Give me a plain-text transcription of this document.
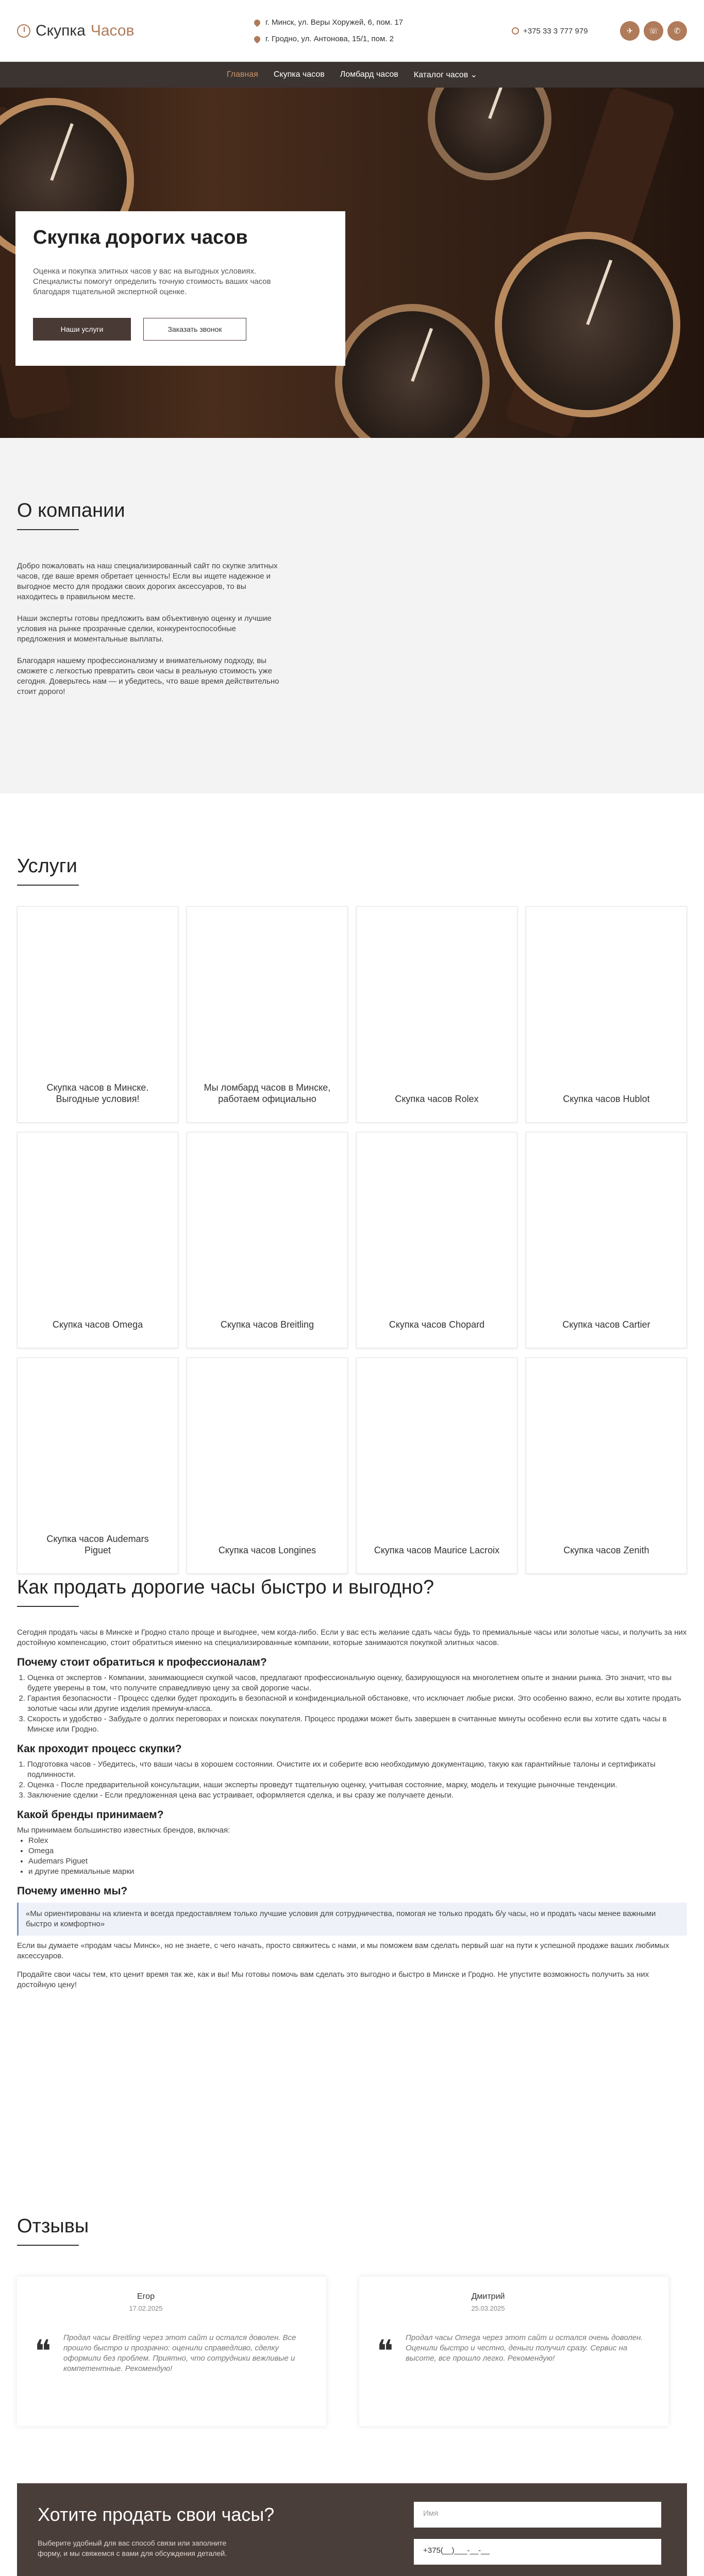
Скупка Часов	г. Минск, ул. Веры Хоружей, 6, пом. 17
г. Гродно, ул. Антонова, 15/1, пом. 2
+375 33 3 777 979	✈	☏	✆
Главная Скупка часов Ломбард часов Каталог часов ⌄
Скупка дорогих часов

Оценка и покупка элитных часов у вас на выгодных условиях. Специалисты помогут определить точную стоимость ваших часов благодаря тщательной экспертной оценке.

Наши услуги	Заказать звонок
О компании

Добро пожаловать на наш специализированный сайт по скупке элитных часов, где ваше время обретает ценность! Если вы ищете надежное и выгодное место для продажи своих дорогих аксессуаров, то вы находитесь в правильном месте.

Наши эксперты готовы предложить вам объективную оценку и лучшие условия на рынке прозрачные сделки, конкурентоспособные предложения и моментальные выплаты.

Благодаря нашему профессионализму и внимательному подходу, вы сможете с легкостью превратить свои часы в реальную стоимость уже сегодня. Доверьтесь нам — и убедитесь, что ваше время действительно стоит дорого!

Услуги
Скупка часов в Минске. Выгодные условия!
Мы ломбард часов в Минске, работаем официально	Скупка часов Rolex	Скупка часов Hublot
Скупка часов Omega	Скупка часов Breitling	Скупка часов Chopard	Скупка часов Cartier
Скупка часов Audemars Piguet	Скупка часов Longines	Скупка часов Maurice Lacroix	Скупка часов Zenith
Как продать дорогие часы быстро и выгодно?

Сегодня продать часы в Минске и Гродно стало проще и выгоднее, чем когда-либо. Если у вас есть желание сдать часы будь то премиальные часы или золотые часы, и получить за них достойную компенсацию, стоит обратиться именно на специализированные компании, которые занимаются покупкой элитных часов.

Почему стоит обратиться к профессионалам?
1. Оценка от экспертов - Компании, занимающиеся скупкой часов, предлагают профессиональную оценку, базирующуюся на многолетнем опыте и знании рынка. Это значит, что вы будете уверены в том, что получите справедливую цену за свой дорогие часы.
2. Гарантия безопасности - Процесс сделки будет проходить в безопасной и конфиденциальной обстановке, что исключает любые риски. Это особенно важно, если вы хотите продать золотые часы или другие изделия премиум-класса.
3. Скорость и удобство - Забудьте о долгих переговорах и поисках покупателя. Процесс продажи может быть завершен в считанные минуты особенно если вы хотите сдать часы в Минске или Гродно.
Как проходит процесс скупки?
1. Подготовка часов - Убедитесь, что ваши часы в хорошем состоянии. Очистите их и соберите всю необходимую документацию, такую как гарантийные талоны и сертификаты подлинности.
2. Оценка - После предварительной консультации, наши эксперты проведут тщательную оценку, учитывая состояние, марку, модель и текущие рыночные тенденции.
3. Заключение сделки - Если предложенная цена вас устраивает, оформляется сделка, и вы сразу же получаете деньги.
Какой бренды принимаем?

Мы принимаем большинство известных брендов, включая:

• Rolex
• Omega
• Audemars Piguet
• и другие премиальные марки
Почему именно мы?

«Мы ориентированы на клиента и всегда предоставляем только лучшие условия для сотрудничества, помогая не только продать б/у часы, но и продать часы менее важными быстро и комфортно»

Если вы думаете «продам часы Минск», но не знаете, с чего начать, просто свяжитесь с нами, и мы поможем вам сделать первый шаг на пути к успешной продаже ваших любимых аксессуаров.

Продайте свои часы тем, кто ценит время так же, как и вы! Мы готовы помочь вам сделать это выгодно и быстро в Минске и Гродно. Не упустите возможность получить за них достойную цену!

Отзывы
Егор
17.02.2025
❝ Продал часы Breitling через этот сайт и остался доволен. Все прошло быстро и прозрачно: оценили справедливо, сделку оформили без проблем. Приятно, что сотрудники вежливые и компетентные. Рекомендую!
Дмитрий
25.03.2025
❝ Продал часы Omega через этот сайт и остался очень доволен. Оценили быстро и честно, деньги получил сразу. Сервис на высоте, все прошло легко. Рекомендую!
Хотите продать свои часы?

Выберите удобный для вас способ связи или заполните форму, и мы свяжемся с вами для обсуждения деталей.

Имя
+375(__)___-__-__
